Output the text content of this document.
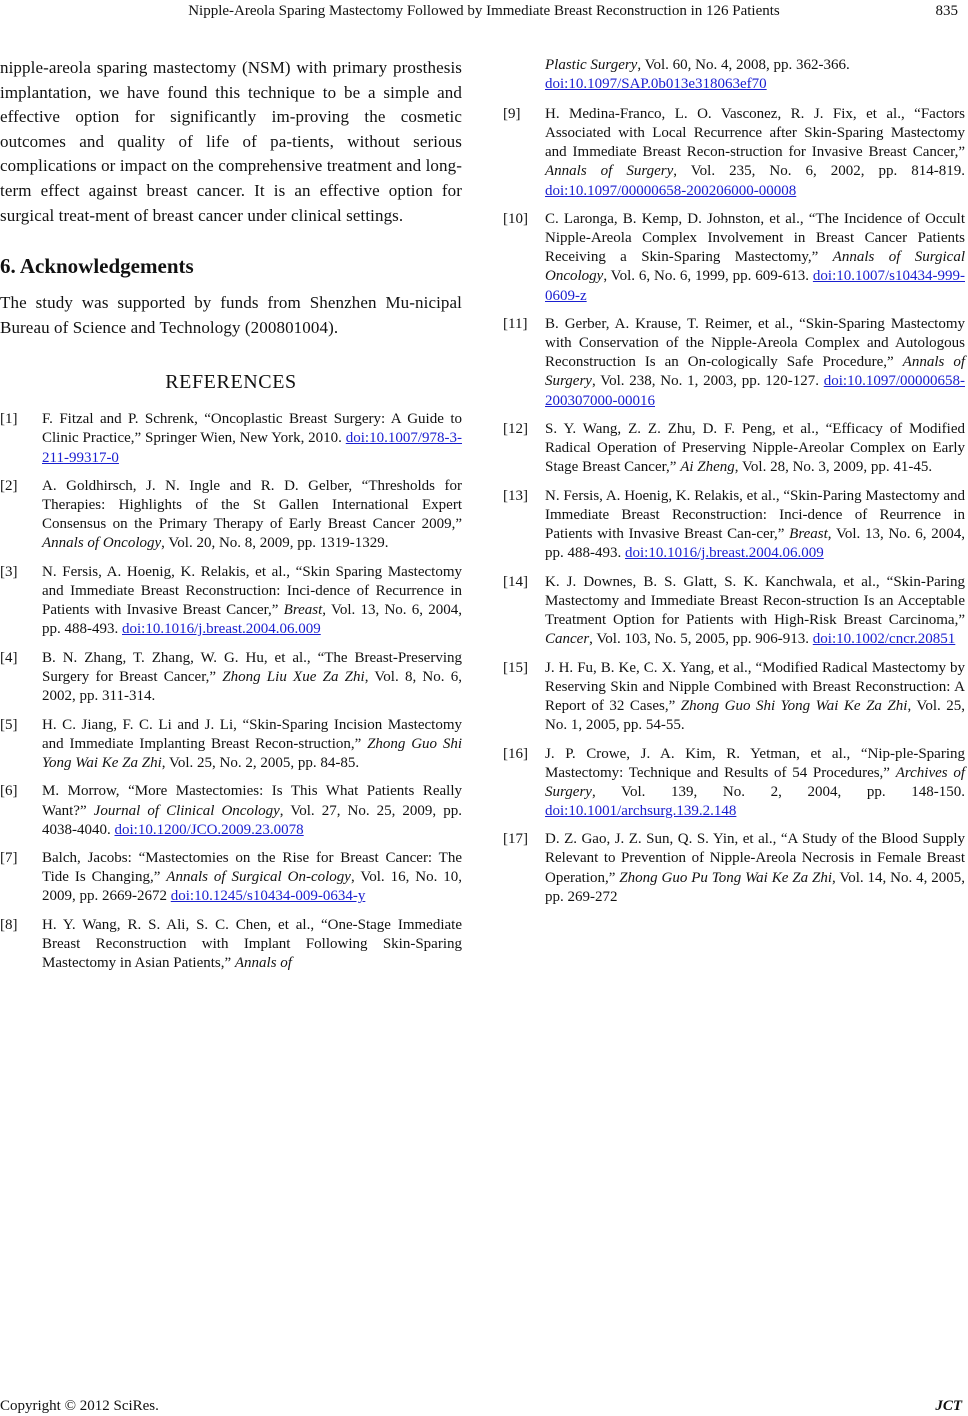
Nipple-Areola Sparing Mastectomy Followed by Immediate Breast Reconstruction in 126 Patients	835

nipple-areola sparing mastectomy (NSM) with primary prosthesis implantation, we have found this technique to be a simple and effective option for significantly im-proving the cosmetic outcomes and quality of life of pa-tients, without serious complications or impact on the comprehensive treatment and long-term effect against breast cancer. It is an effective option for surgical treat-ment of breast cancer under clinical settings.

6. Acknowledgements

The study was supported by funds from Shenzhen Mu-nicipal Bureau of Science and Technology (200801004).

REFERENCES
[1] F. Fitzal and P. Schrenk, “Oncoplastic Breast Surgery: A Guide to Clinic Practice,” Springer Wien, New York, 2010. doi:10.1007/978-3-211-99317-0
[2] A. Goldhirsch, J. N. Ingle and R. D. Gelber, “Thresholds for Therapies: Highlights of the St Gallen International Expert Consensus on the Primary Therapy of Early Breast Cancer 2009,” Annals of Oncology, Vol. 20, No. 8, 2009, pp. 1319-1329.
[3] N. Fersis, A. Hoenig, K. Relakis, et al., “Skin Sparing Mastectomy and Immediate Breast Reconstruction: Inci-dence of Recurrence in Patients with Invasive Breast Cancer,” Breast, Vol. 13, No. 6, 2004, pp. 488-493. doi:10.1016/j.breast.2004.06.009
[4] B. N. Zhang, T. Zhang, W. G. Hu, et al., “The Breast-Preserving Surgery for Breast Cancer,” Zhong Liu Xue Za Zhi, Vol. 8, No. 6, 2002, pp. 311-314.
[5] H. C. Jiang, F. C. Li and J. Li, “Skin-Sparing Incision Mastectomy and Immediate Implanting Breast Recon-struction,” Zhong Guo Shi Yong Wai Ke Za Zhi, Vol. 25, No. 2, 2005, pp. 84-85.
[6] M. Morrow, “More Mastectomies: Is This What Patients Really Want?” Journal of Clinical Oncology, Vol. 27, No. 25, 2009, pp. 4038-4040. doi:10.1200/JCO.2009.23.0078
[7] Balch, Jacobs: “Mastectomies on the Rise for Breast Cancer: The Tide Is Changing,” Annals of Surgical On-cology, Vol. 16, No. 10, 2009, pp. 2669-2672 doi:10.1245/s10434-009-0634-y
[8] H. Y. Wang, R. S. Ali, S. C. Chen, et al., “One-Stage Immediate Breast Reconstruction with Implant Following Skin-Sparing Mastectomy in Asian Patients,” Annals of
Plastic Surgery, Vol. 60, No. 4, 2008, pp. 362-366.
doi:10.1097/SAP.0b013e318063ef70
[9] H. Medina-Franco, L. O. Vasconez, R. J. Fix, et al., “Factors Associated with Local Recurrence after Skin-Sparing Mastectomy and Immediate Breast Recon-struction for Invasive Breast Cancer,” Annals of Surgery, Vol. 235, No. 6, 2002, pp. 814-819. doi:10.1097/00000658-200206000-00008
[10] C. Laronga, B. Kemp, D. Johnston, et al., “The Incidence of Occult Nipple-Areola Complex Involvement in Breast Cancer Patients Receiving a Skin-Sparing Mastectomy,” Annals of Surgical Oncology, Vol. 6, No. 6, 1999, pp. 609-613. doi:10.1007/s10434-999-0609-z
[11] B. Gerber, A. Krause, T. Reimer, et al., “Skin-Sparing Mastectomy with Conservation of the Nipple-Areola Complex and Autologous Reconstruction Is an On-cologically Safe Procedure,” Annals of Surgery, Vol. 238, No. 1, 2003, pp. 120-127. doi:10.1097/00000658-200307000-00016
[12] S. Y. Wang, Z. Z. Zhu, D. F. Peng, et al., “Efficacy of Modified Radical Operation of Preserving Nipple-Areolar Complex on Early Stage Breast Cancer,” Ai Zheng, Vol. 28, No. 3, 2009, pp. 41-45.
[13] N. Fersis, A. Hoenig, K. Relakis, et al., “Skin-Paring Mastectomy and Immediate Breast Reconstruction: Inci-dence of Reurrence in Patients with Invasive Breast Can-cer,” Breast, Vol. 13, No. 6, 2004, pp. 488-493. doi:10.1016/j.breast.2004.06.009
[14] K. J. Downes, B. S. Glatt, S. K. Kanchwala, et al., “Skin-Paring Mastectomy and Immediate Breast Recon-struction Is an Acceptable Treatment Option for Patients with High-Risk Breast Carcinoma,” Cancer, Vol. 103, No. 5, 2005, pp. 906-913. doi:10.1002/cncr.20851
[15] J. H. Fu, B. Ke, C. X. Yang, et al., “Modified Radical Mastectomy by Reserving Skin and Nipple Combined with Breast Reconstruction: A Report of 32 Cases,” Zhong Guo Shi Yong Wai Ke Za Zhi, Vol. 25, No. 1, 2005, pp. 54-55.
[16] J. P. Crowe, J. A. Kim, R. Yetman, et al., “Nip-ple-Sparing Mastectomy: Technique and Results of 54 Procedures,” Archives of Surgery, Vol. 139, No. 2, 2004, pp. 148-150. doi:10.1001/archsurg.139.2.148
[17] D. Z. Gao, J. Z. Sun, Q. S. Yin, et al., “A Study of the Blood Supply Relevant to Prevention of Nipple-Areola Necrosis in Female Breast Operation,” Zhong Guo Pu Tong Wai Ke Za Zhi, Vol. 14, No. 4, 2005, pp. 269-272
Copyright © 2012 SciRes.	JCT
